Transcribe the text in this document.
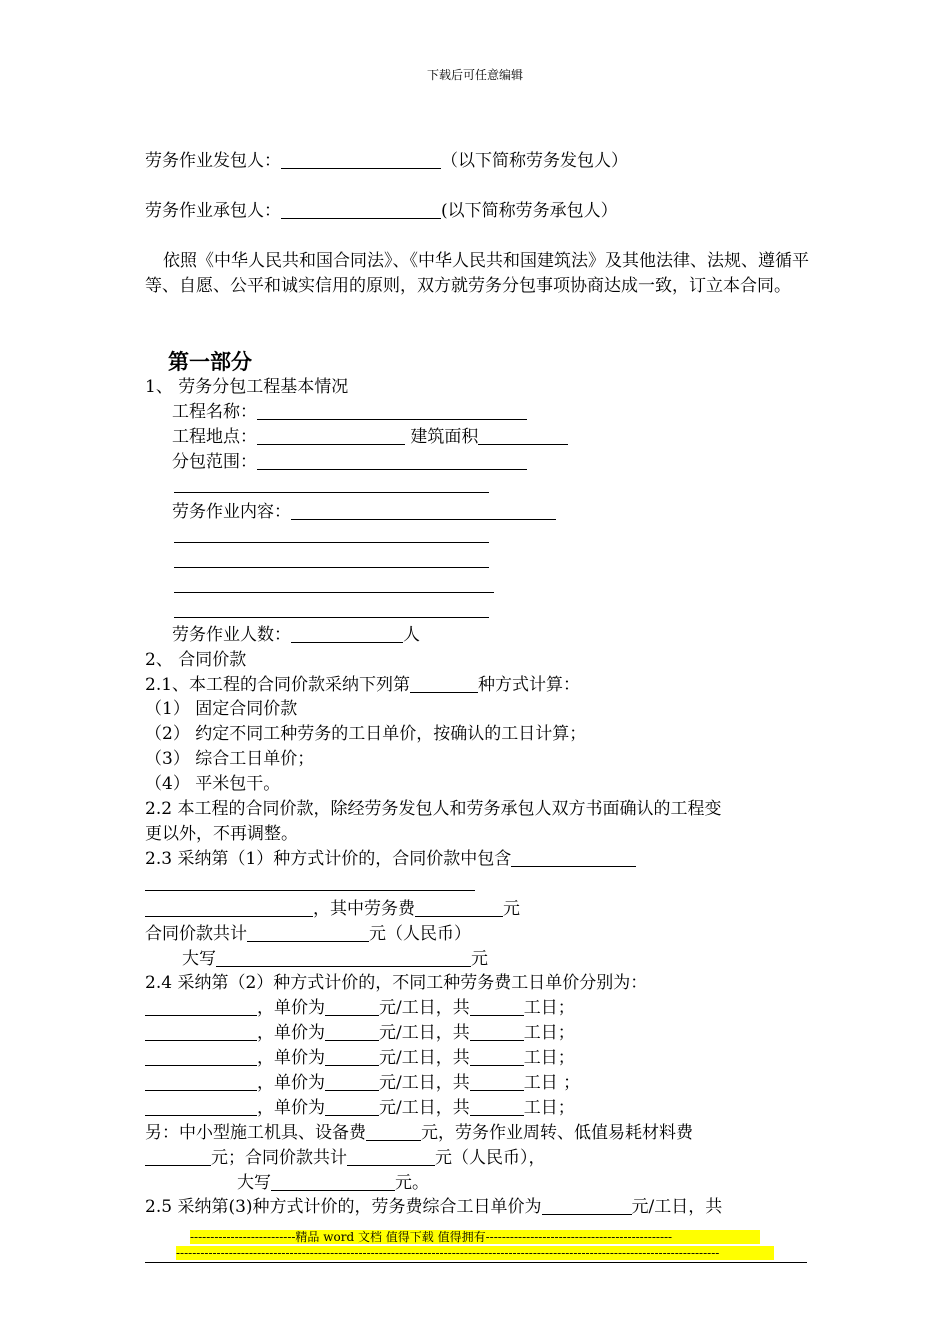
下载后可任意编辑
劳务作业发包人：	（以下简称劳务发包人）
劳务作业承包人：	(以下简称劳务承包人）
依照《中华人民共和国合同法》、《中华人民共和国建筑法》及其他法律、法规、遵循平等、自愿、公平和诚实信用的原则，双方就劳务分包事项协商达成一致，订立本合同。
第一部分
1、 劳务分包工程基本情况
工程名称：
工程地点：	建筑面积
分包范围：
劳务作业内容：
劳务作业人数：	人
2、 合同价款
2.1、本工程的合同价款采纳下列第	种方式计算：
（1） 固定合同价款
（2） 约定不同工种劳务的工日单价，按确认的工日计算；
（3） 综合工日单价；
（4） 平米包干。
2.2 本工程的合同价款，除经劳务发包人和劳务承包人双方书面确认的工程变
更以外，不再调整。
2.3 采纳第（1）种方式计价的，合同价款中包含
，其中劳务费	元
合同价款共计	元（人民币）
大写	元
2.4 采纳第（2）种方式计价的，不同工种劳务费工日单价分别为：
，单价为	元/工日，共	工日；
，单价为	元/工日，共	工日；
，单价为	元/工日，共	工日；
，单价为	元/工日，共	工日 ；
，单价为	元/工日，共	工日；
另：中小型施工机具、设备费	元，劳务作业周转、低值易耗材料费
元；合同价款共计	元（人民币），
大写	元。
2.5 采纳第(3)种方式计价的，劳务费综合工日单价为	元/工日，共
--------------------------精品 word 文档 值得下载 值得拥有----------------------------------------------
--------------------------------------------------------------------------------------------------------------------------------------
